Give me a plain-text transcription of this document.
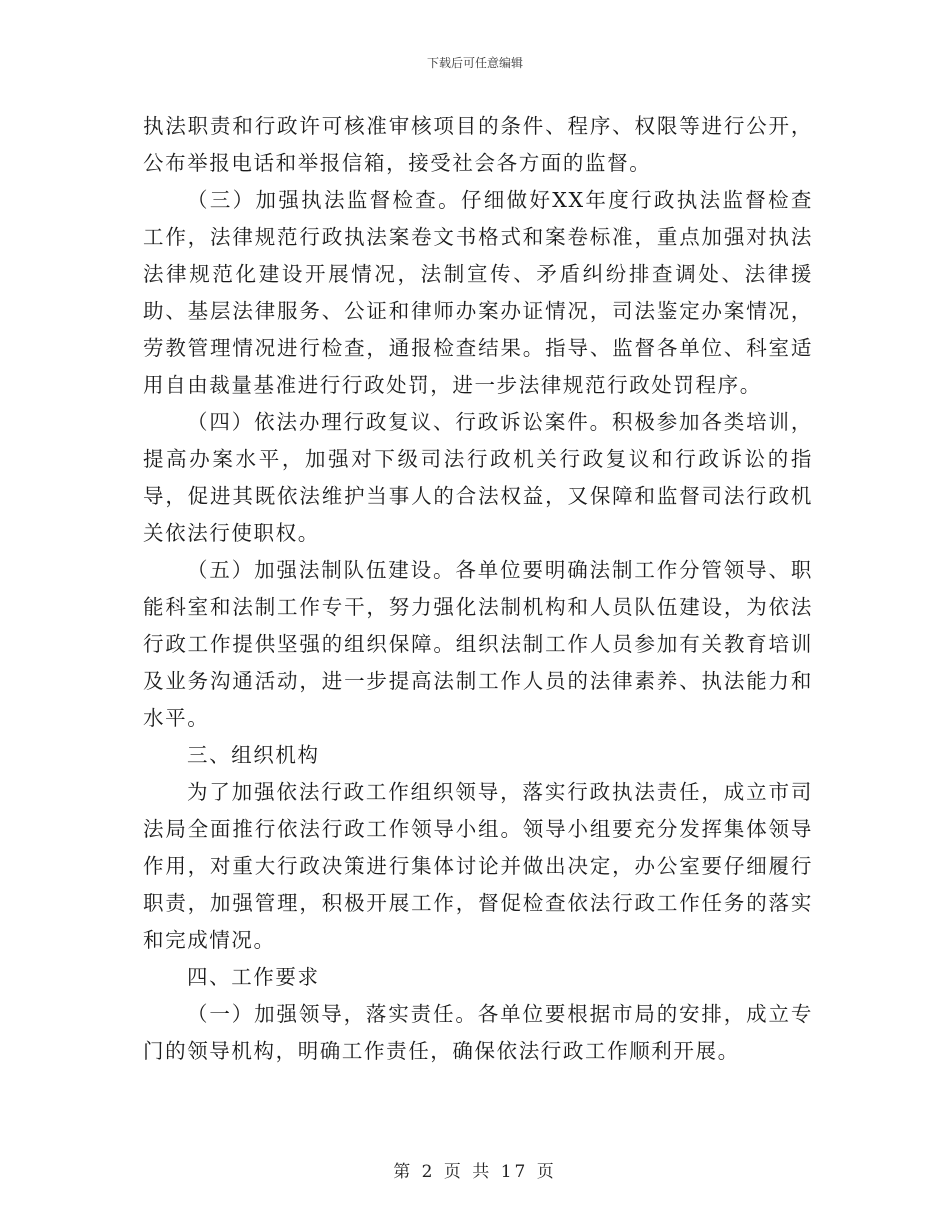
下载后可任意编辑

执法职责和行政许可核准审核项目的条件、程序、权限等进行公开，公布举报电话和举报信箱，接受社会各方面的监督。

（三）加强执法监督检查。仔细做好XX年度行政执法监督检查工作，法律规范行政执法案卷文书格式和案卷标准，重点加强对执法法律规范化建设开展情况，法制宣传、矛盾纠纷排查调处、法律援助、基层法律服务、公证和律师办案办证情况，司法鉴定办案情况，劳教管理情况进行检查，通报检查结果。指导、监督各单位、科室适用自由裁量基准进行行政处罚，进一步法律规范行政处罚程序。

（四）依法办理行政复议、行政诉讼案件。积极参加各类培训，提高办案水平，加强对下级司法行政机关行政复议和行政诉讼的指导，促进其既依法维护当事人的合法权益，又保障和监督司法行政机关依法行使职权。

（五）加强法制队伍建设。各单位要明确法制工作分管领导、职能科室和法制工作专干，努力强化法制机构和人员队伍建设，为依法行政工作提供坚强的组织保障。组织法制工作人员参加有关教育培训及业务沟通活动，进一步提高法制工作人员的法律素养、执法能力和水平。

三、组织机构

为了加强依法行政工作组织领导，落实行政执法责任，成立市司法局全面推行依法行政工作领导小组。领导小组要充分发挥集体领导作用，对重大行政决策进行集体讨论并做出决定，办公室要仔细履行职责，加强管理，积极开展工作，督促检查依法行政工作任务的落实和完成情况。

四、工作要求

（一）加强领导，落实责任。各单位要根据市局的安排，成立专门的领导机构，明确工作责任，确保依法行政工作顺利开展。

第 2 页 共 17 页
